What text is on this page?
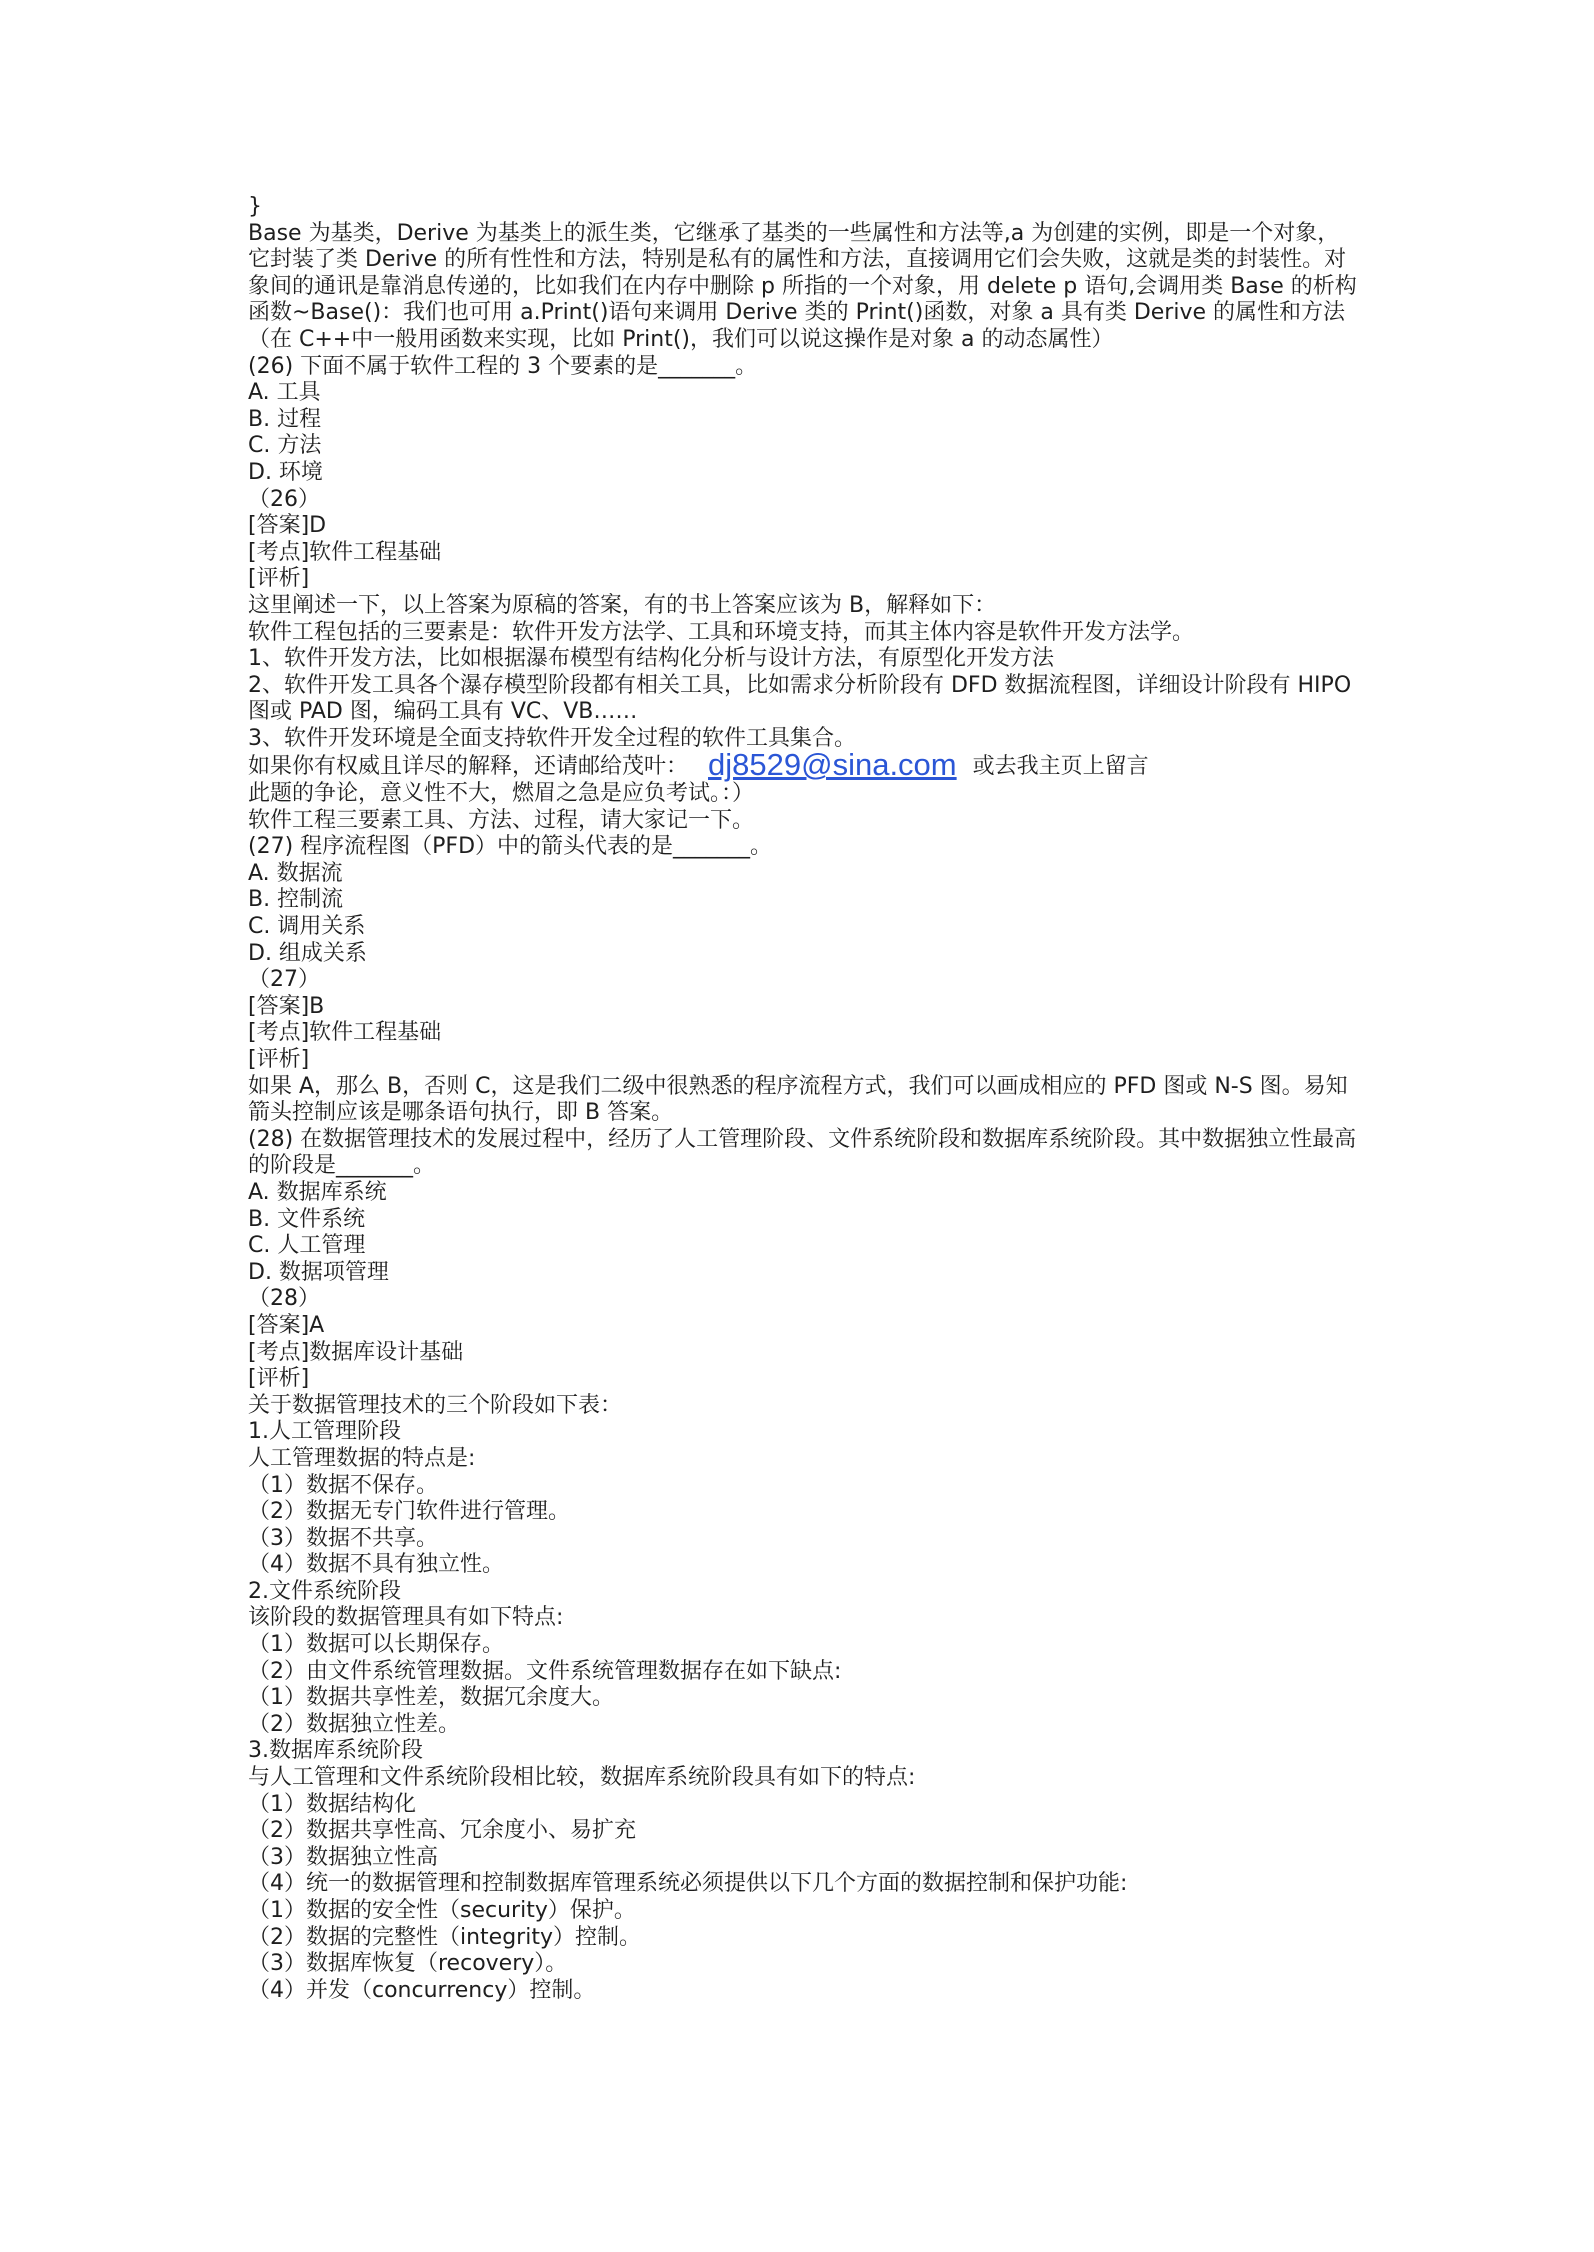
}
Base 为基类，Derive 为基类上的派生类，它继承了基类的一些属性和方法等,a 为创建的实例，即是一个对象，它封装了类 Derive 的所有性性和方法，特别是私有的属性和方法，直接调用它们会失败，这就是类的封装性。对象间的通讯是靠消息传递的，比如我们在内存中删除 p 所指的一个对象，用 delete p 语句,会调用类 Base 的析构函数~Base()：我们也可用 a.Print()语句来调用 Derive 类的 Print()函数，对象 a 具有类 Derive 的属性和方法（在 C++中一般用函数来实现，比如 Print()，我们可以说这操作是对象 a 的动态属性）
(26) 下面不属于软件工程的 3 个要素的是_______。
A. 工具
B. 过程
C. 方法
D. 环境
（26）
[答案]D
[考点]软件工程基础
[评析]
这里阐述一下，以上答案为原稿的答案，有的书上答案应该为 B，解释如下：
软件工程包括的三要素是：软件开发方法学、工具和环境支持，而其主体内容是软件开发方法学。
1、软件开发方法，比如根据瀑布模型有结构化分析与设计方法，有原型化开发方法
2、软件开发工具各个瀑存模型阶段都有相关工具，比如需求分析阶段有 DFD 数据流程图，详细设计阶段有 HIPO 图或 PAD 图，编码工具有 VC、VB……
3、软件开发环境是全面支持软件开发全过程的软件工具集合。
如果你有权威且详尽的解释，还请邮给茂叶： dj8529@sina.com 或去我主页上留言
此题的争论，意义性不大，燃眉之急是应负考试。：）
软件工程三要素工具、方法、过程，请大家记一下。
(27) 程序流程图（PFD）中的箭头代表的是_______。
A. 数据流
B. 控制流
C. 调用关系
D. 组成关系
（27）
[答案]B
[考点]软件工程基础
[评析]
如果 A，那么 B，否则 C，这是我们二级中很熟悉的程序流程方式，我们可以画成相应的 PFD 图或 N-S 图。易知箭头控制应该是哪条语句执行，即 B 答案。
(28) 在数据管理技术的发展过程中，经历了人工管理阶段、文件系统阶段和数据库系统阶段。其中数据独立性最高的阶段是_______。
A. 数据库系统
B. 文件系统
C. 人工管理
D. 数据项管理
（28）
[答案]A
[考点]数据库设计基础
[评析]
关于数据管理技术的三个阶段如下表：
1.人工管理阶段
人工管理数据的特点是:
（1）数据不保存。
（2）数据无专门软件进行管理。
（3）数据不共享。
（4）数据不具有独立性。
2.文件系统阶段
该阶段的数据管理具有如下特点:
（1）数据可以长期保存。
（2）由文件系统管理数据。文件系统管理数据存在如下缺点:
（1）数据共享性差，数据冗余度大。
（2）数据独立性差。
3.数据库系统阶段
与人工管理和文件系统阶段相比较，数据库系统阶段具有如下的特点:
（1）数据结构化
（2）数据共享性高、冗余度小、易扩充
（3）数据独立性高
（4）统一的数据管理和控制数据库管理系统必须提供以下几个方面的数据控制和保护功能:
（1）数据的安全性（security）保护。
（2）数据的完整性（integrity）控制。
（3）数据库恢复（recovery）。
（4）并发（concurrency）控制。
